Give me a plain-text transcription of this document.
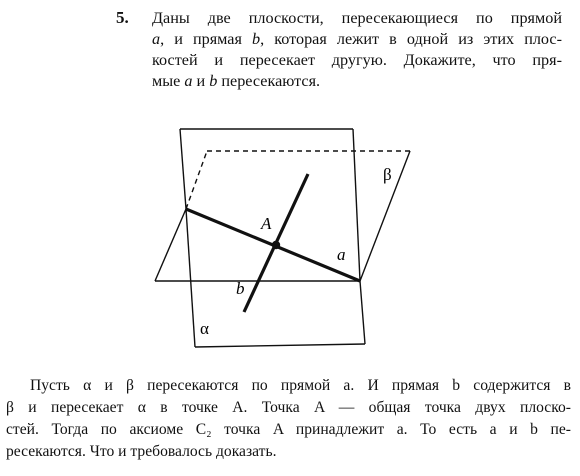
5. Даны две плоскости, пересекающиеся по прямой
a, и прямая b, которая лежит в одной из этих плос-
костей и пересекает другую. Докажите, что пря-
мые a и b пересекаются.
A
a
b
β
α
Пусть α и β пересекаются по прямой a. И прямая b содержится в
β и пересекает α в точке A. Точка A — общая точка двух плоско-
стей. Тогда по аксиоме C₂ точка A принадлежит a. То есть a и b пе-
ресекаются. Что и требовалось доказать.
